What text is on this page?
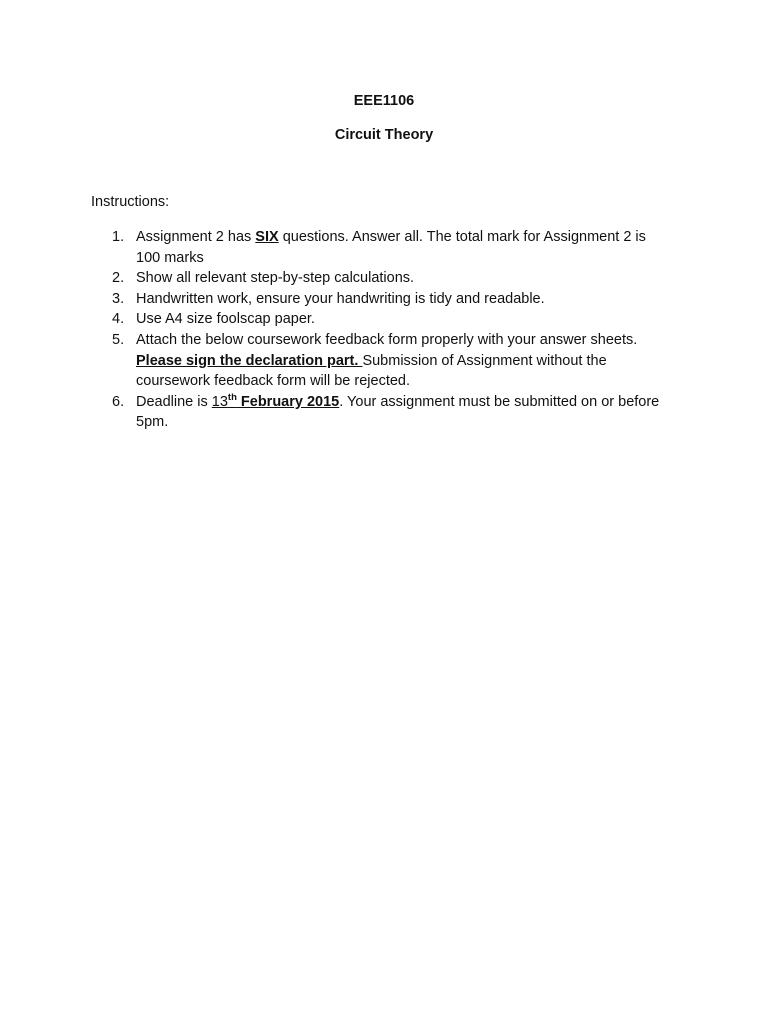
EEE1106
Circuit Theory
Instructions:
1. Assignment 2 has SIX questions. Answer all. The total mark for Assignment 2 is 100 marks
2. Show all relevant step-by-step calculations.
3. Handwritten work, ensure your handwriting is tidy and readable.
4. Use A4 size foolscap paper.
5. Attach the below coursework feedback form properly with your answer sheets. Please sign the declaration part. Submission of Assignment without the coursework feedback form will be rejected.
6. Deadline is 13th February 2015. Your assignment must be submitted on or before 5pm.
